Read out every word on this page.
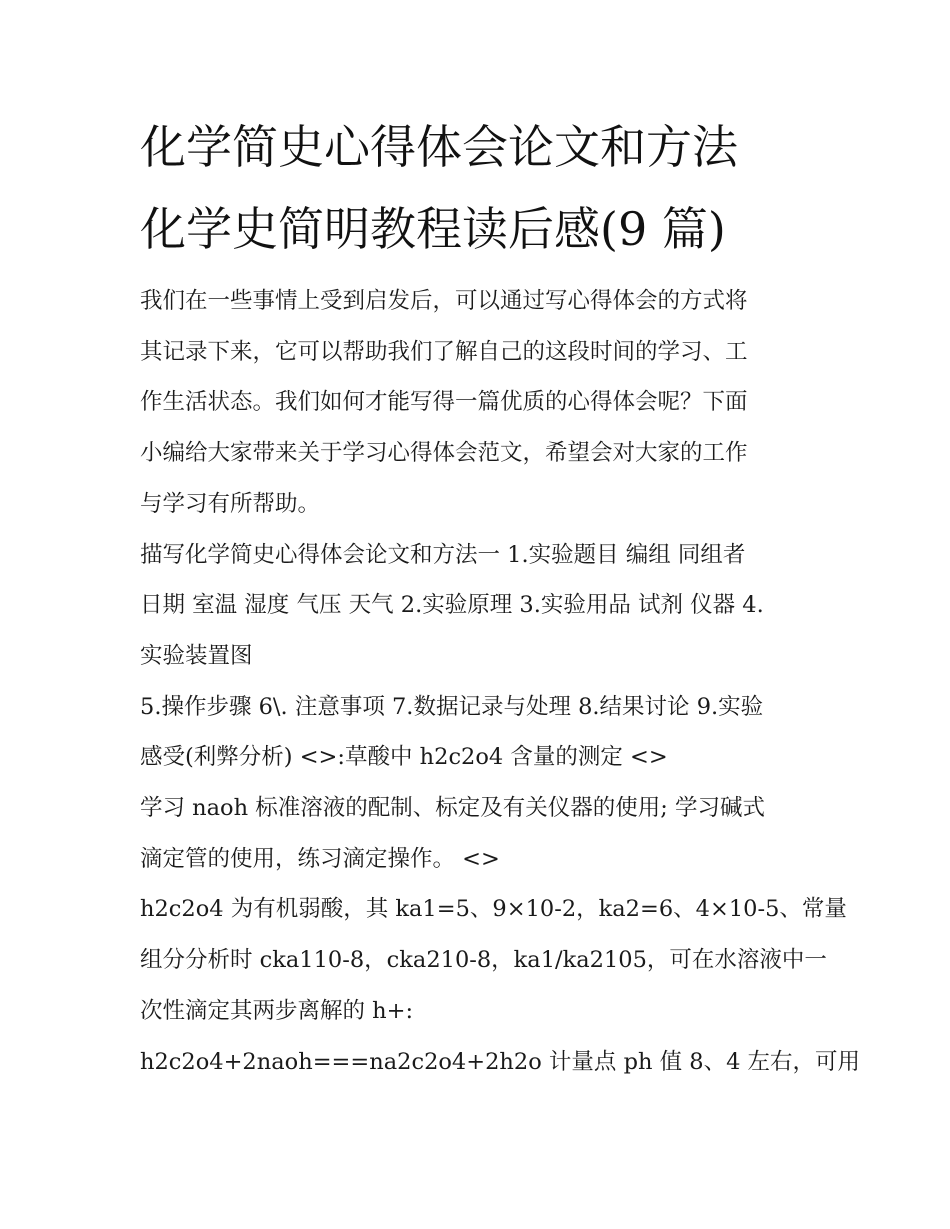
化学简史心得体会论文和方法
化学史简明教程读后感(9 篇)
我们在一些事情上受到启发后，可以通过写心得体会的方式将
其记录下来，它可以帮助我们了解自己的这段时间的学习、工
作生活状态。我们如何才能写得一篇优质的心得体会呢？下面
小编给大家带来关于学习心得体会范文，希望会对大家的工作
与学习有所帮助。
描写化学简史心得体会论文和方法一 1.实验题目 编组 同组者
日期 室温 湿度 气压 天气 2.实验原理 3.实验用品 试剂 仪器 4.
实验装置图
5.操作步骤 6\. 注意事项 7.数据记录与处理 8.结果讨论 9.实验
感受(利弊分析) <>:草酸中 h2c2o4 含量的测定 <>
学习 naoh 标准溶液的配制、标定及有关仪器的使用; 学习碱式
滴定管的使用，练习滴定操作。 <>
h2c2o4 为有机弱酸，其 ka1=5、9×10-2，ka2=6、4×10-5、常量
组分分析时 cka110-8，cka210-8，ka1/ka2105，可在水溶液中一
次性滴定其两步离解的 h+:
h2c2o4+2naoh===na2c2o4+2h2o 计量点 ph 值 8、4 左右，可用
